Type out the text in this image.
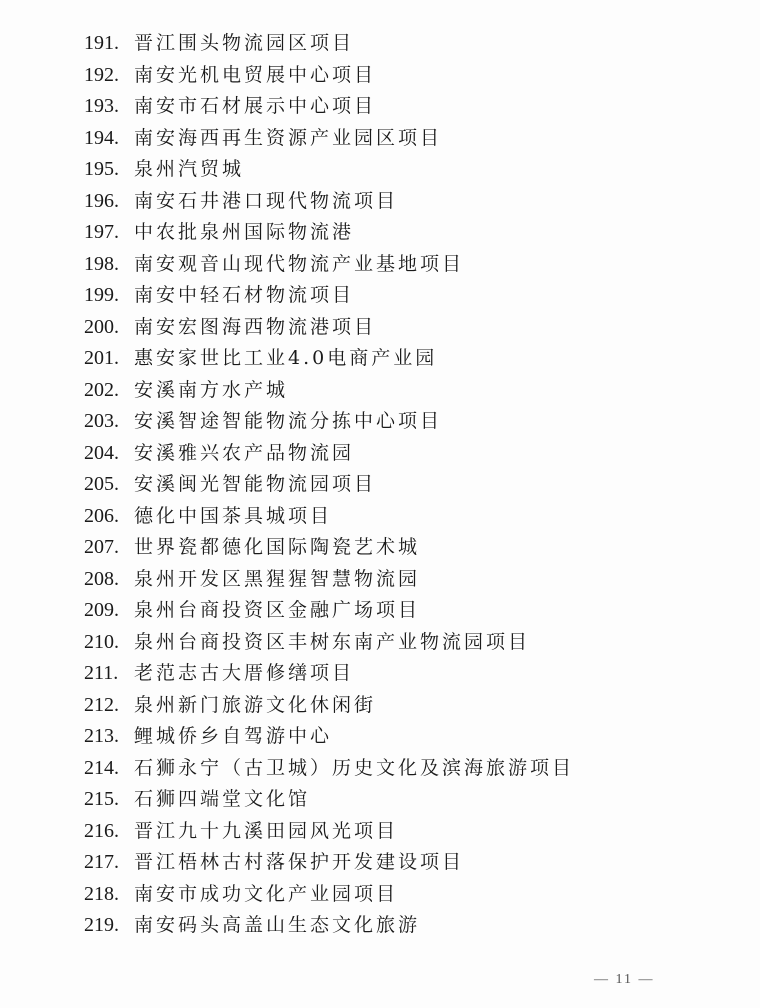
191. 晋江围头物流园区项目
192. 南安光机电贸展中心项目
193. 南安市石材展示中心项目
194. 南安海西再生资源产业园区项目
195. 泉州汽贸城
196. 南安石井港口现代物流项目
197. 中农批泉州国际物流港
198. 南安观音山现代物流产业基地项目
199. 南安中轻石材物流项目
200. 南安宏图海西物流港项目
201. 惠安家世比工业4.0电商产业园
202. 安溪南方水产城
203. 安溪智途智能物流分拣中心项目
204. 安溪雅兴农产品物流园
205. 安溪闽光智能物流园项目
206. 德化中国茶具城项目
207. 世界瓷都德化国际陶瓷艺术城
208. 泉州开发区黑猩猩智慧物流园
209. 泉州台商投资区金融广场项目
210. 泉州台商投资区丰树东南产业物流园项目
211. 老范志古大厝修缮项目
212. 泉州新门旅游文化休闲街
213. 鲤城侨乡自驾游中心
214. 石狮永宁（古卫城）历史文化及滨海旅游项目
215. 石狮四端堂文化馆
216. 晋江九十九溪田园风光项目
217. 晋江梧林古村落保护开发建设项目
218. 南安市成功文化产业园项目
219. 南安码头高盖山生态文化旅游
— 11 —
